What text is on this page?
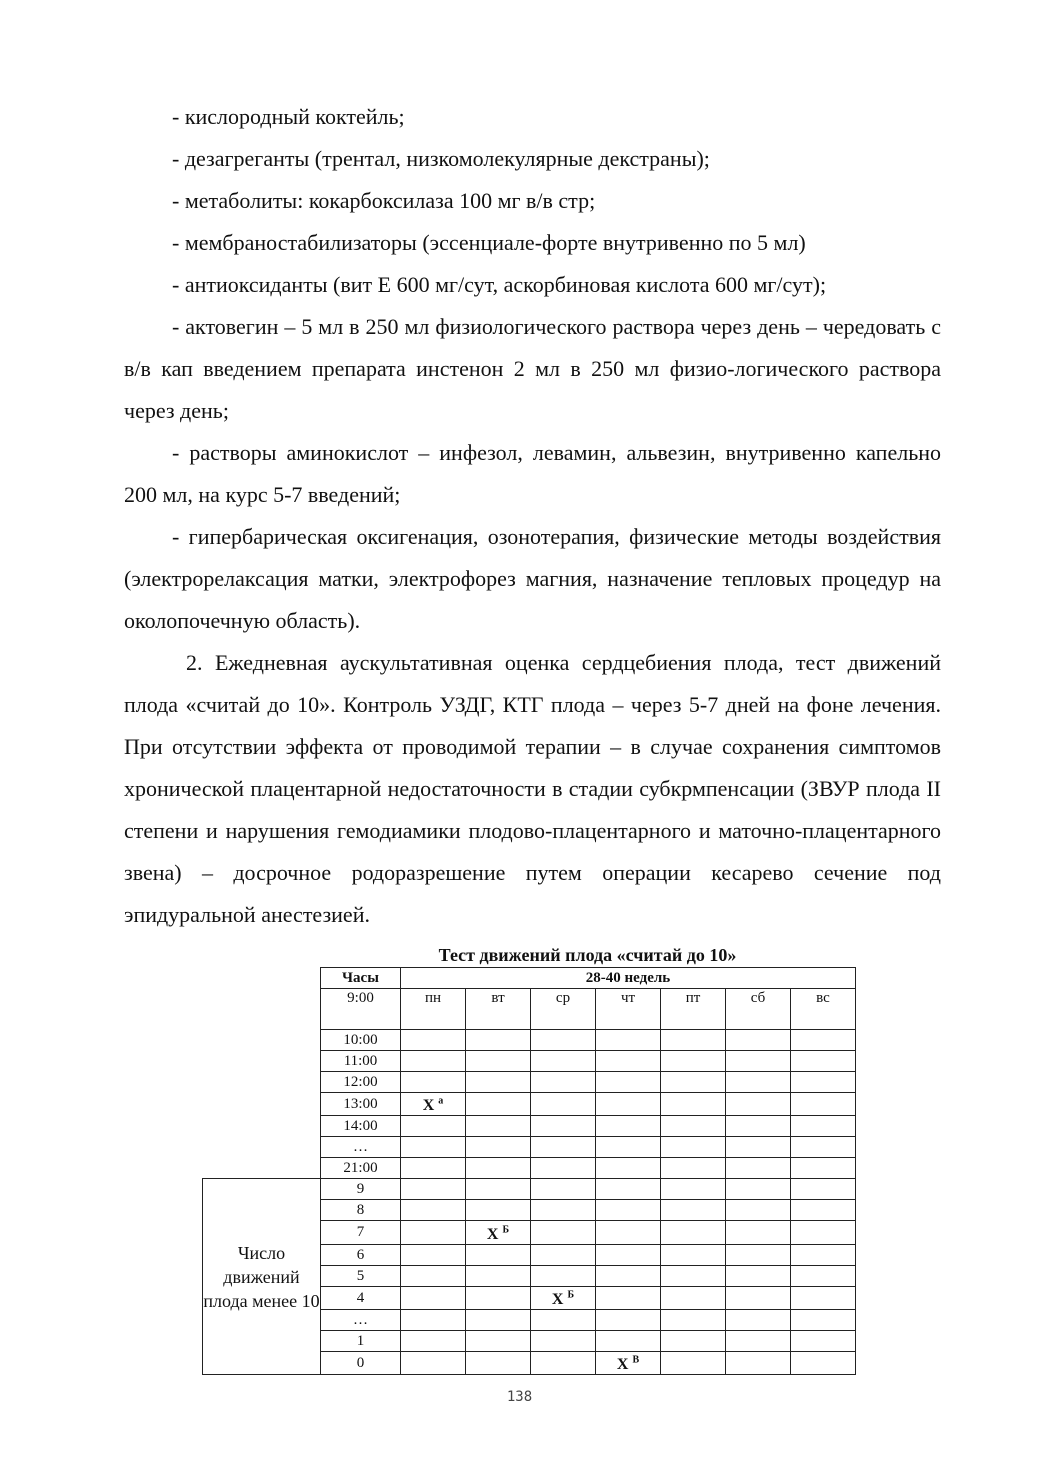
- кислородный коктейль;

- дезагреганты (трентал, низкомолекулярные декстраны);

- метаболиты: кокарбоксилаза 100 мг в/в стр;

- мембраностабилизаторы (эссенциале-форте внутривенно по 5 мл)

- антиоксиданты (вит Е 600 мг/сут, аскорбиновая кислота 600 мг/сут);

- актовегин – 5 мл в 250 мл физиологического раствора через день – чередовать с в/в кап введением препарата инстенон 2 мл в 250 мл физио-логического раствора через день;

- растворы аминокислот – инфезол, левамин, альвезин, внутривенно капельно 200 мл, на курс 5-7 введений;

- гипербарическая оксигенация, озонотерапия, физические методы воздействия (электрорелаксация матки, электрофорез магния, назначение тепловых процедур на околопочечную область).

2. Ежедневная аускультативная оценка сердцебиения плода, тест движений плода «считай до 10». Контроль УЗДГ, КТГ плода – через 5-7 дней на фоне лечения. При отсутствии эффекта от проводимой терапии – в случае сохранения симптомов хронической плацентарной недостаточности в стадии субкрмпенсации (ЗВУР плода II степени и нарушения гемодиамики плодово-плацентарного и маточно-плацентарного звена) – досрочное родоразрешение путем операции кесарево сечение под эпидуральной анестезией.

Тест движений плода «считай до 10»

	Часы	28-40 недель						
	9:00	пн	вт	ср	чт	пт	сб	вс
	10:00							
	11:00							
	12:00							
	13:00	Х $^а$						
	14:00							
	…							
	21:00							
Число движений плода менее 10	9							
	8							
	7		Х $^Б$					
	6							
	5							
	4			Х $^Б$				
	…							
	1							
	0				Х $^В$			
138
